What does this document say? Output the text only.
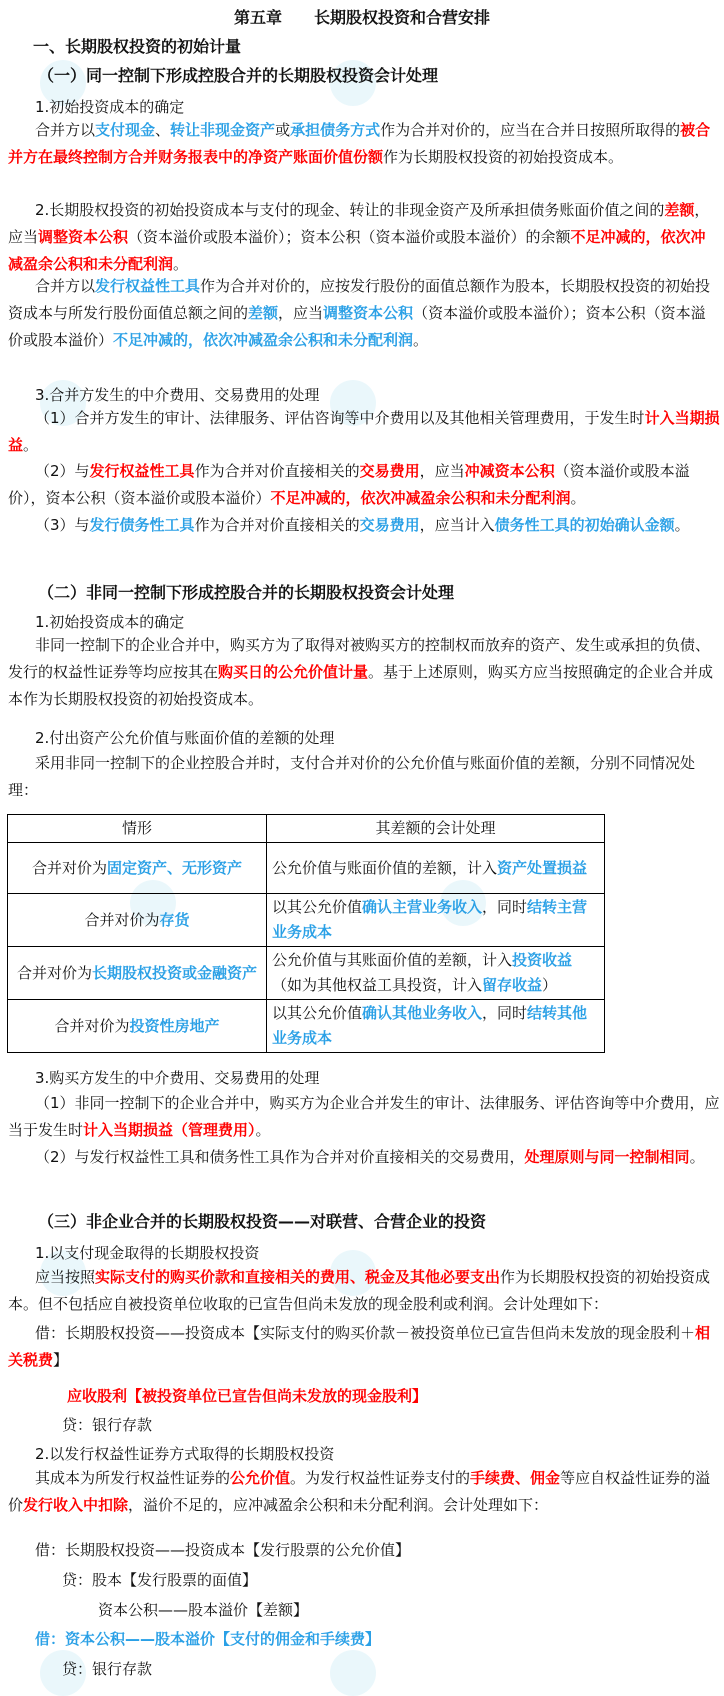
第五章　　长期股权投资和合营安排
一、长期股权投资的初始计量
（一）同一控制下形成控股合并的长期股权投资会计处理
1.初始投资成本的确定
合并方以支付现金、转让非现金资产或承担债务方式作为合并对价的，应当在合并日按照所取得的被合并方在最终控制方合并财务报表中的净资产账面价值份额作为长期股权投资的初始投资成本。
2.长期股权投资的初始投资成本与支付的现金、转让的非现金资产及所承担债务账面价值之间的差额，应当调整资本公积（资本溢价或股本溢价）；资本公积（资本溢价或股本溢价）的余额不足冲减的，依次冲减盈余公积和未分配利润。
合并方以发行权益性工具作为合并对价的，应按发行股份的面值总额作为股本，长期股权投资的初始投资成本与所发行股份面值总额之间的差额，应当调整资本公积（资本溢价或股本溢价）；资本公积（资本溢价或股本溢价）不足冲减的，依次冲减盈余公积和未分配利润。
3.合并方发生的中介费用、交易费用的处理
（1）合并方发生的审计、法律服务、评估咨询等中介费用以及其他相关管理费用，于发生时计入当期损益。
（2）与发行权益性工具作为合并对价直接相关的交易费用，应当冲减资本公积（资本溢价或股本溢价），资本公积（资本溢价或股本溢价）不足冲减的，依次冲减盈余公积和未分配利润。
（3）与发行债务性工具作为合并对价直接相关的交易费用，应当计入债务性工具的初始确认金额。
（二）非同一控制下形成控股合并的长期股权投资会计处理
1.初始投资成本的确定
非同一控制下的企业合并中，购买方为了取得对被购买方的控制权而放弃的资产、发生或承担的负债、发行的权益性证券等均应按其在购买日的公允价值计量。基于上述原则，购买方应当按照确定的企业合并成本作为长期股权投资的初始投资成本。
2.付出资产公允价值与账面价值的差额的处理
采用非同一控制下的企业控股合并时，支付合并对价的公允价值与账面价值的差额，分别不同情况处理：
情形	其差额的会计处理
合并对价为固定资产、无形资产	公允价值与账面价值的差额，计入资产处置损益
合并对价为存货	以其公允价值确认主营业务收入，同时结转主营业务成本
合并对价为长期股权投资或金融资产	公允价值与其账面价值的差额，计入投资收益（如为其他权益工具投资，计入留存收益）
合并对价为投资性房地产	以其公允价值确认其他业务收入，同时结转其他业务成本
3.购买方发生的中介费用、交易费用的处理
（1）非同一控制下的企业合并中，购买方为企业合并发生的审计、法律服务、评估咨询等中介费用，应当于发生时计入当期损益（管理费用）。
（2）与发行权益性工具和债务性工具作为合并对价直接相关的交易费用，处理原则与同一控制相同。
（三）非企业合并的长期股权投资——对联营、合营企业的投资
1.以支付现金取得的长期股权投资
应当按照实际支付的购买价款和直接相关的费用、税金及其他必要支出作为长期股权投资的初始投资成本。但不包括应自被投资单位收取的已宣告但尚未发放的现金股利或利润。会计处理如下：
借：长期股权投资——投资成本【实际支付的购买价款－被投资单位已宣告但尚未发放的现金股利＋相关税费】
应收股利【被投资单位已宣告但尚未发放的现金股利】
贷：银行存款
2.以发行权益性证券方式取得的长期股权投资
其成本为所发行权益性证券的公允价值。为发行权益性证券支付的手续费、佣金等应自权益性证券的溢价发行收入中扣除，溢价不足的，应冲减盈余公积和未分配利润。会计处理如下：
借：长期股权投资——投资成本【发行股票的公允价值】
贷：股本【发行股票的面值】
资本公积——股本溢价【差额】
借：资本公积——股本溢价【支付的佣金和手续费】
贷：银行存款
